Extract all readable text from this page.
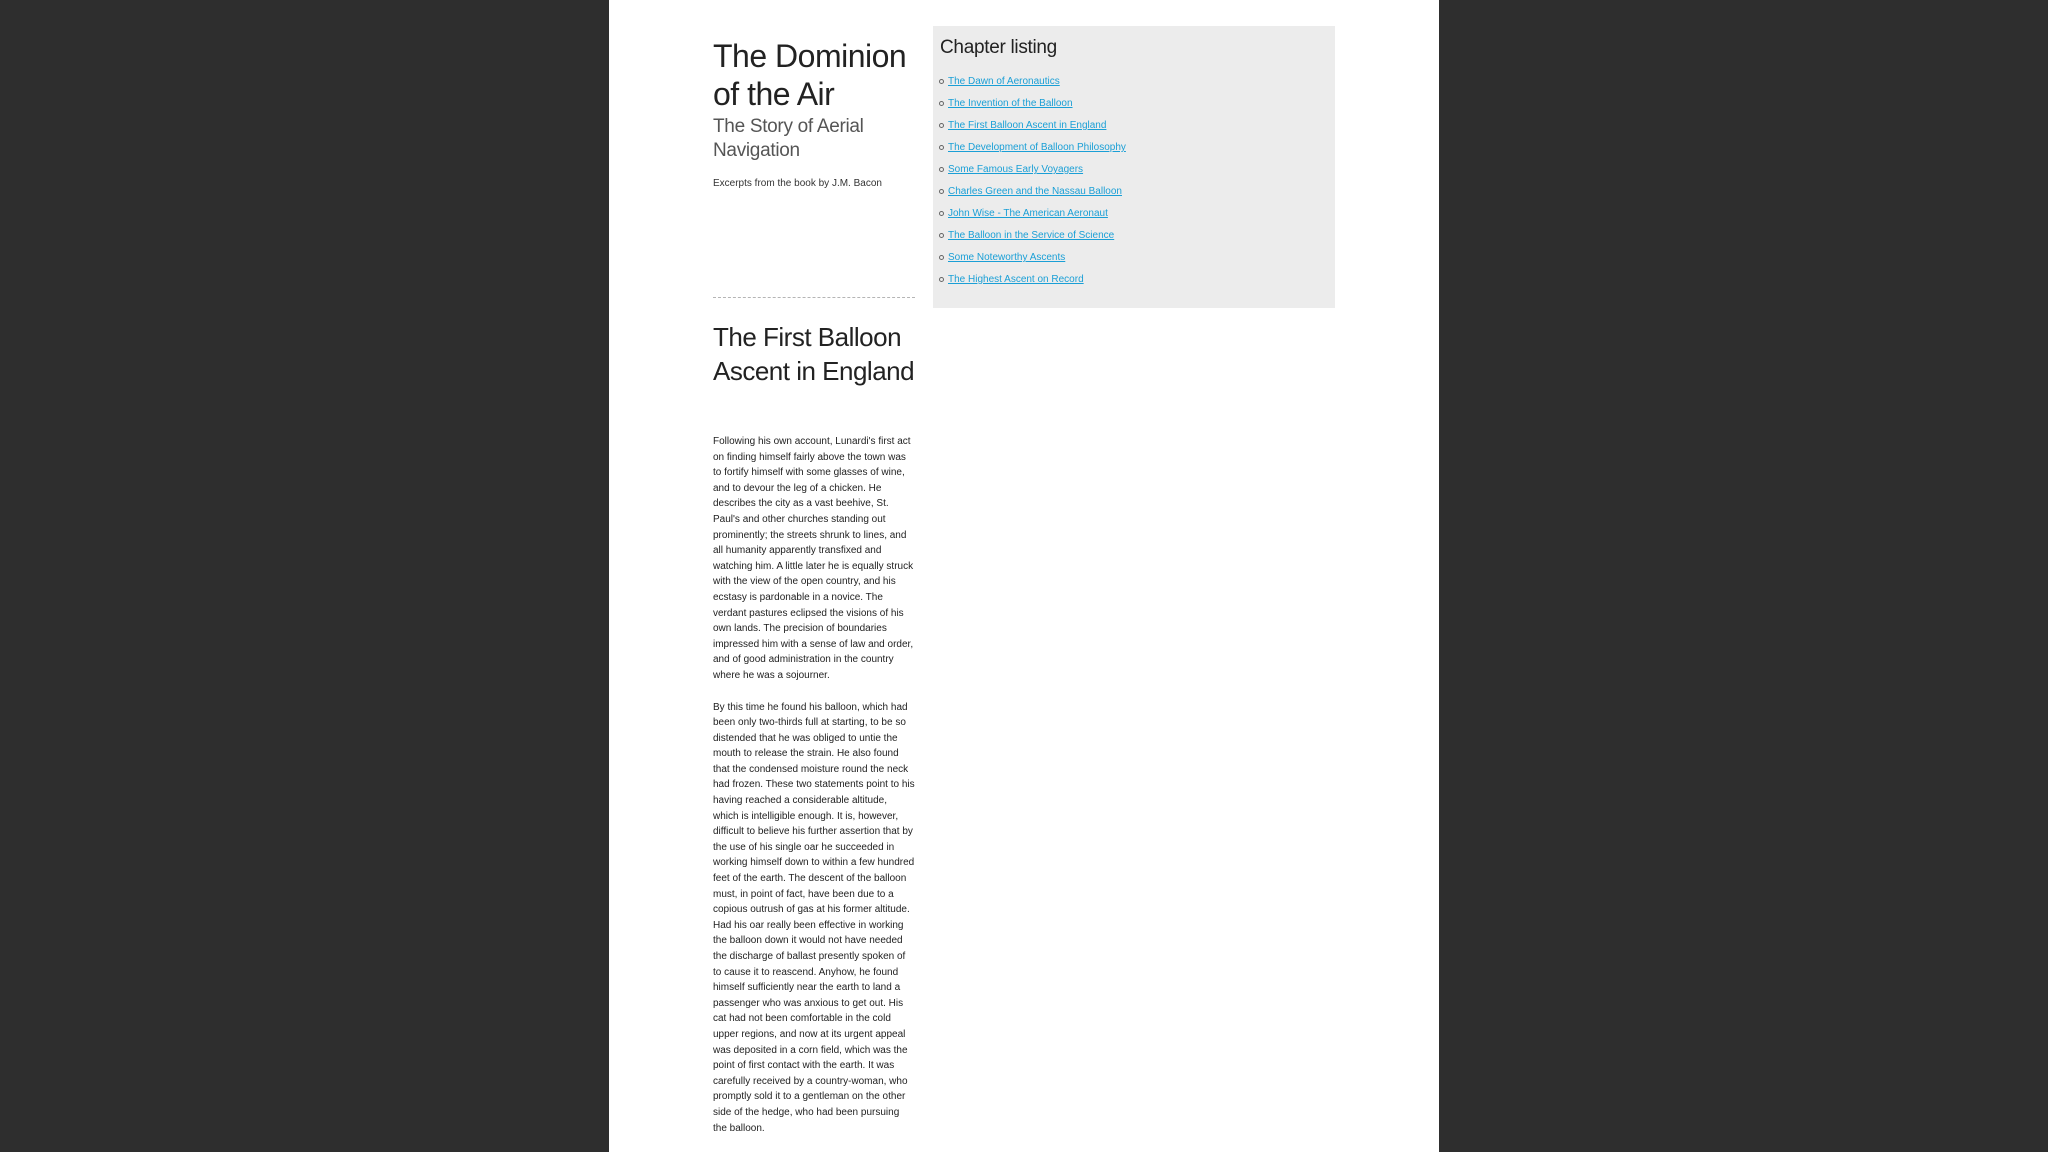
The Dominion of the Air
The Story of Aerial Navigation

Excerpts from the book by J.M. Bacon

The First Balloon Ascent in England

Following his own account, Lunardi's first act on finding himself fairly above the town was to fortify himself with some glasses of wine, and to devour the leg of a chicken. He describes the city as a vast beehive, St. Paul's and other churches standing out prominently; the streets shrunk to lines, and all humanity apparently transfixed and watching him. A little later he is equally struck with the view of the open country, and his ecstasy is pardonable in a novice. The verdant pastures eclipsed the visions of his own lands. The precision of boundaries impressed him with a sense of law and order, and of good administration in the country where he was a sojourner.

By this time he found his balloon, which had been only two-thirds full at starting, to be so distended that he was obliged to untie the mouth to release the strain. He also found that the condensed moisture round the neck had frozen. These two statements point to his having reached a considerable altitude, which is intelligible enough. It is, however, difficult to believe his further assertion that by the use of his single oar he succeeded in working himself down to within a few hundred feet of the earth. The descent of the balloon must, in point of fact, have been due to a copious outrush of gas at his former altitude. Had his oar really been effective in working the balloon down it would not have needed the discharge of ballast presently spoken of to cause it to reascend. Anyhow, he found himself sufficiently near the earth to land a passenger who was anxious to get out. His cat had not been comfortable in the cold upper regions, and now at its urgent appeal was deposited in a corn field, which was the point of first contact with the earth. It was carefully received by a country-woman, who promptly sold it to a gentleman on the other side of the hedge, who had been pursuing the balloon.

Chapter listing
The Dawn of Aeronautics
The Invention of the Balloon
The First Balloon Ascent in England
The Development of Balloon Philosophy
Some Famous Early Voyagers
Charles Green and the Nassau Balloon
John Wise - The American Aeronaut
The Balloon in the Service of Science
Some Noteworthy Ascents
The Highest Ascent on Record
